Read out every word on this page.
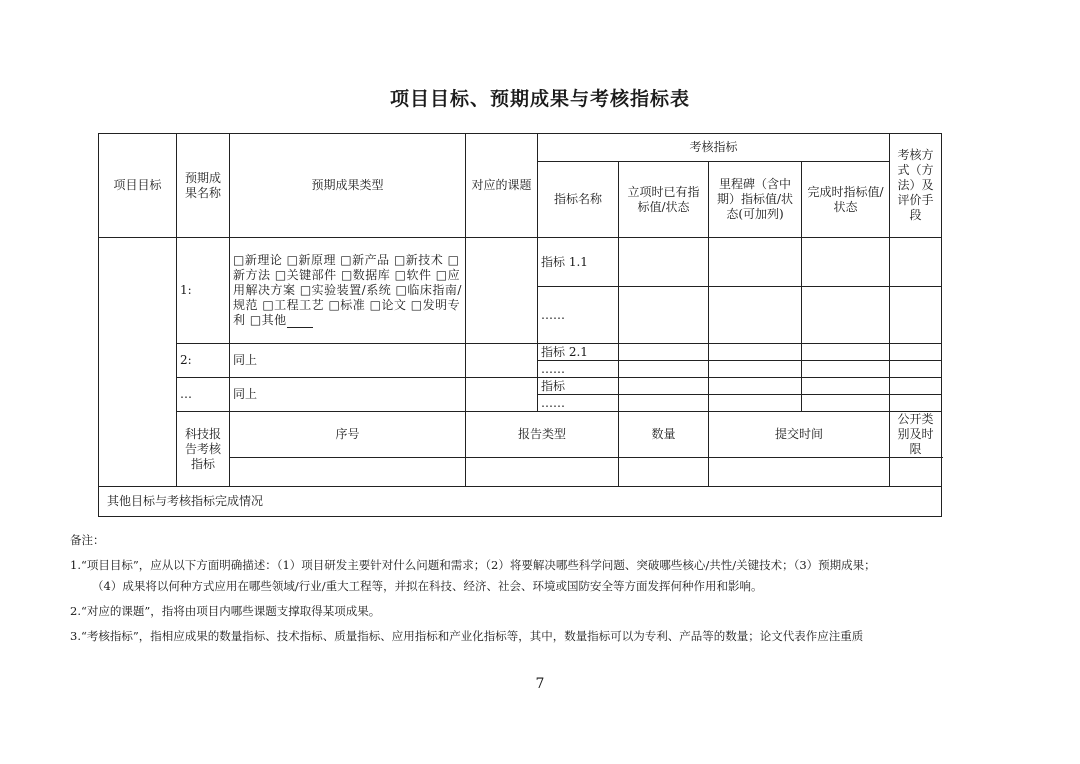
项目目标、预期成果与考核指标表
项目目标	预期成果名称	预期成果类型	对应的课题	考核指标				考核方式（方法）及评价手段
				指标名称	立项时已有指标值/状态	里程碑（含中期）指标值/状态(可加列)	完成时指标值/状态	
	1:	□新理论 □新原理 □新产品 □新技术 □新方法 □关键部件 □数据库 □软件 □应用解决方案 □实验装置/系统 □临床指南/规范 □工程工艺 □标准 □论文 □发明专利 □其他		指标 1.1				
				……				
	2:	同上		指标 2.1				
				……				
	…	同上		指标				
				……				
	科技报告考核指标	序号	报告类型		数量	提交时间		公开类别及时限

其他目标与考核指标完成情况								

备注：

1.“项目目标”，应从以下方面明确描述：（1）项目研发主要针对什么问题和需求；（2）将要解决哪些科学问题、突破哪些核心/共性/关键技术；（3）预期成果；

（4）成果将以何种方式应用在哪些领域/行业/重大工程等，并拟在科技、经济、社会、环境或国防安全等方面发挥何种作用和影响。

2.“对应的课题”，指将由项目内哪些课题支撑取得某项成果。

3.“考核指标”，指相应成果的数量指标、技术指标、质量指标、应用指标和产业化指标等，其中，数量指标可以为专利、产品等的数量；论文代表作应注重质

7
